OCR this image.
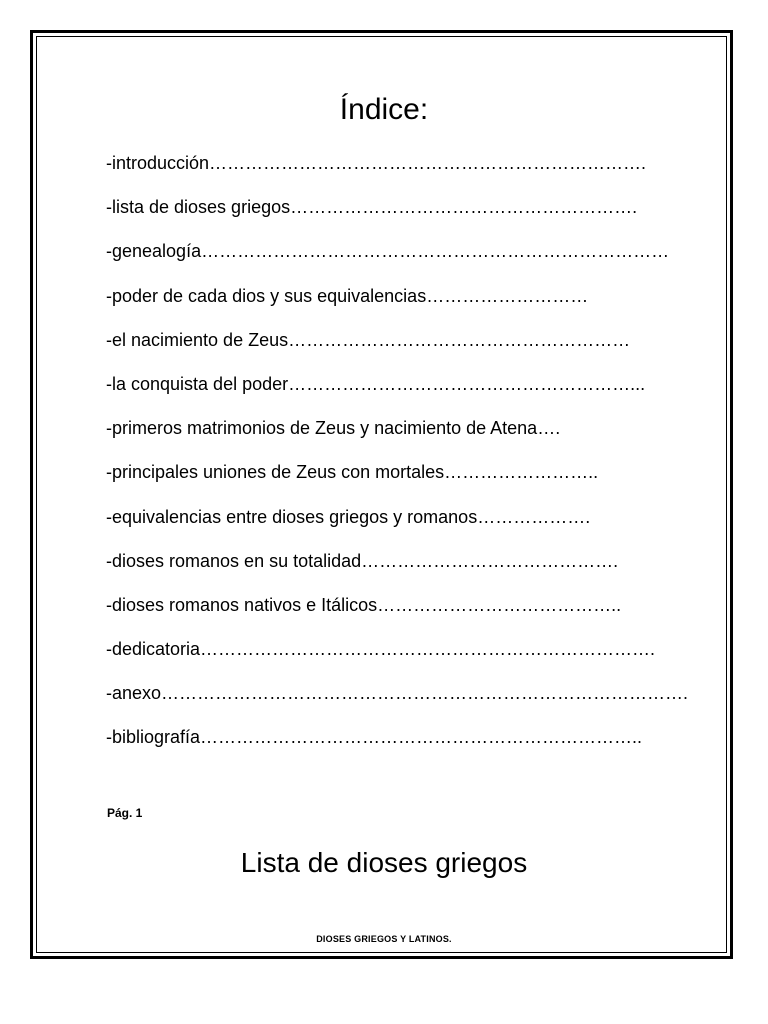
Índice:
-introducción……………………………………………………………….
-lista de dioses griegos………………………………………………….
-genealogía……………………………………………………………………
-poder de cada dios y sus equivalencias………………………
-el nacimiento de Zeus…………………………………………………
-la conquista del poder…………………………………………………...
-primeros matrimonios de Zeus y nacimiento de Atena….
-principales uniones de Zeus con mortales……………………..
-equivalencias entre dioses griegos y romanos……………….
-dioses romanos en su totalidad…………………………………….
-dioses romanos nativos e Itálicos…………………………………..
-dedicatoria………………………………………………………………….
-anexo…………………………………………………………………………….
-bibliografía………………………………………………………………..
Pág. 1
Lista de dioses griegos
DIOSES GRIEGOS Y LATINOS.
